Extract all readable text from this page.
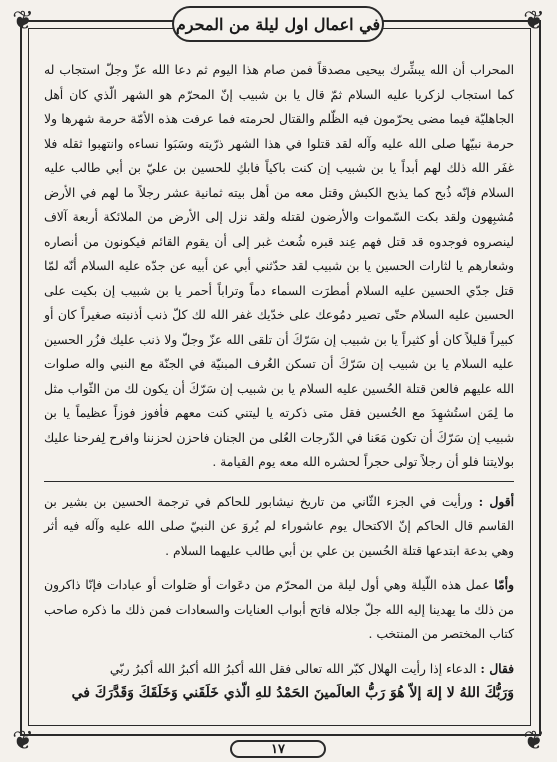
❦	❦
❦	❦
في اعمال اول ليلة من المحرم

المحراب أن الله يبشِّرك بيحيى مصدقاً فمن صام هذا اليوم ثم دعا الله عزّ وجلّ استجاب له كما استجاب لزكريا عليه السلام ثمّ قال يا بن شبيب إنّ المحرّم هو الشهر الّذي كان أهل الجاهليّة فيما مضى يحرّمون فيه الظّلم والقتال لحرمته فما عرفت هذه الأمّة حرمة شهرها ولا حرمة نبيّها صلى الله عليه وآله لقد قتلوا في هذا الشهر ذرّيته وسَبَوا نساءه وانتهبوا ثقله فلا غفَر الله ذلك لهم أبداً يا بن شبيب إن كنت باكياً فابكِ للحسين بن عليّ بن أبي طالب عليه السلام فإنّه ذُبح كما يذبح الكبش وقتل معه من أهل بيته ثمانية عشر رجلاً ما لهم في الأرض مُشبِهون ولقد بكت السّموات والأرضون لقتله ولقد نزل إلى الأرض من الملائكة أربعة آلاف لينصروه فوجدوه قد قتل فهم عِند قبره شُعث غبر إلى أن يقوم القائم فيكونون من أنصاره وشعارهم يا لثارات الحسين يا بن شبيب لقد حدّثني أبي عن أبيه عن جدّه عليه السلام أنّه لمّا قتل جدّي الحسين عليه السلام أمطرَت السماء دماً وتراباً أحمر يا بن شبيب إن بكيت على الحسين عليه السلام حتّى تصير دمُوعك على خدّيك غفر الله لك كلّ ذنب أذنبته صغيراً كان أو كبيراً قليلاً كان أو كثيراً يا بن شبيب إن سَرّكَ أن تلقى الله عزّ وجلّ ولا ذنب عليك فزُر الحسين عليه السلام يا بن شبيب إن سَرّكَ أن تسكن الغُرف المبنيّة في الجنّة مع النبي واله صلوات الله عليهم فالعن قتلة الحُسين عليه السلام يا بن شبيب إن سَرّكَ أن يكون لك من الثّواب مثل ما لِمَن استُشهِدَ مع الحُسين فقل متى ذكرته يا ليتني كنت معهم فأفوز فوزاً عظيماً يا بن شبيب إن سَرّكَ أن تكون مَعَنا في الدّرجات العُلى من الجنان فاحزن لحزننا وافرح لِفرحنا عليك بولايتنا فلو أن رجلاً تولى حجراً لحشره الله معه يوم القيامة .

أقول : ورأيت في الجزء الثّاني من تاريخ نيشابور للحاكم في ترجمة الحسين بن بشير بن القاسم قال الحاكم إنّ الاكتحال يوم عاشوراء لم يُروَ عن النبيّ صلى الله عليه وآله فيه أثر وهي بدعة ابتدعها قتلة الحُسين بن علي بن أبي طالب عليهما السلام .

وأمّا عمل هذه اللّيلة وهي أول ليلة من المحرّم من دعَوات أو صَلوات أو عبادات فإنّا ذاكرون من ذلك ما يهدينا إليه الله جلّ جلاله فاتح أبواب العنايات والسعادات فمن ذلك ما ذكره صاحب كتاب المختصر من المنتخب .

فقال : الدعاء إذا رأيت الهلال كبّر الله تعالى فقل الله أكبرُ الله أكبرُ الله أكبرُ ربّي

وَرَبُّكَ اللهُ لا إلهَ إلاّ هُوَ رَبُّ العالَمينَ الحَمْدُ للهِ الّذي خَلَقَني وَخَلَقَكَ وَقَدَّرَكَ في

١٧
